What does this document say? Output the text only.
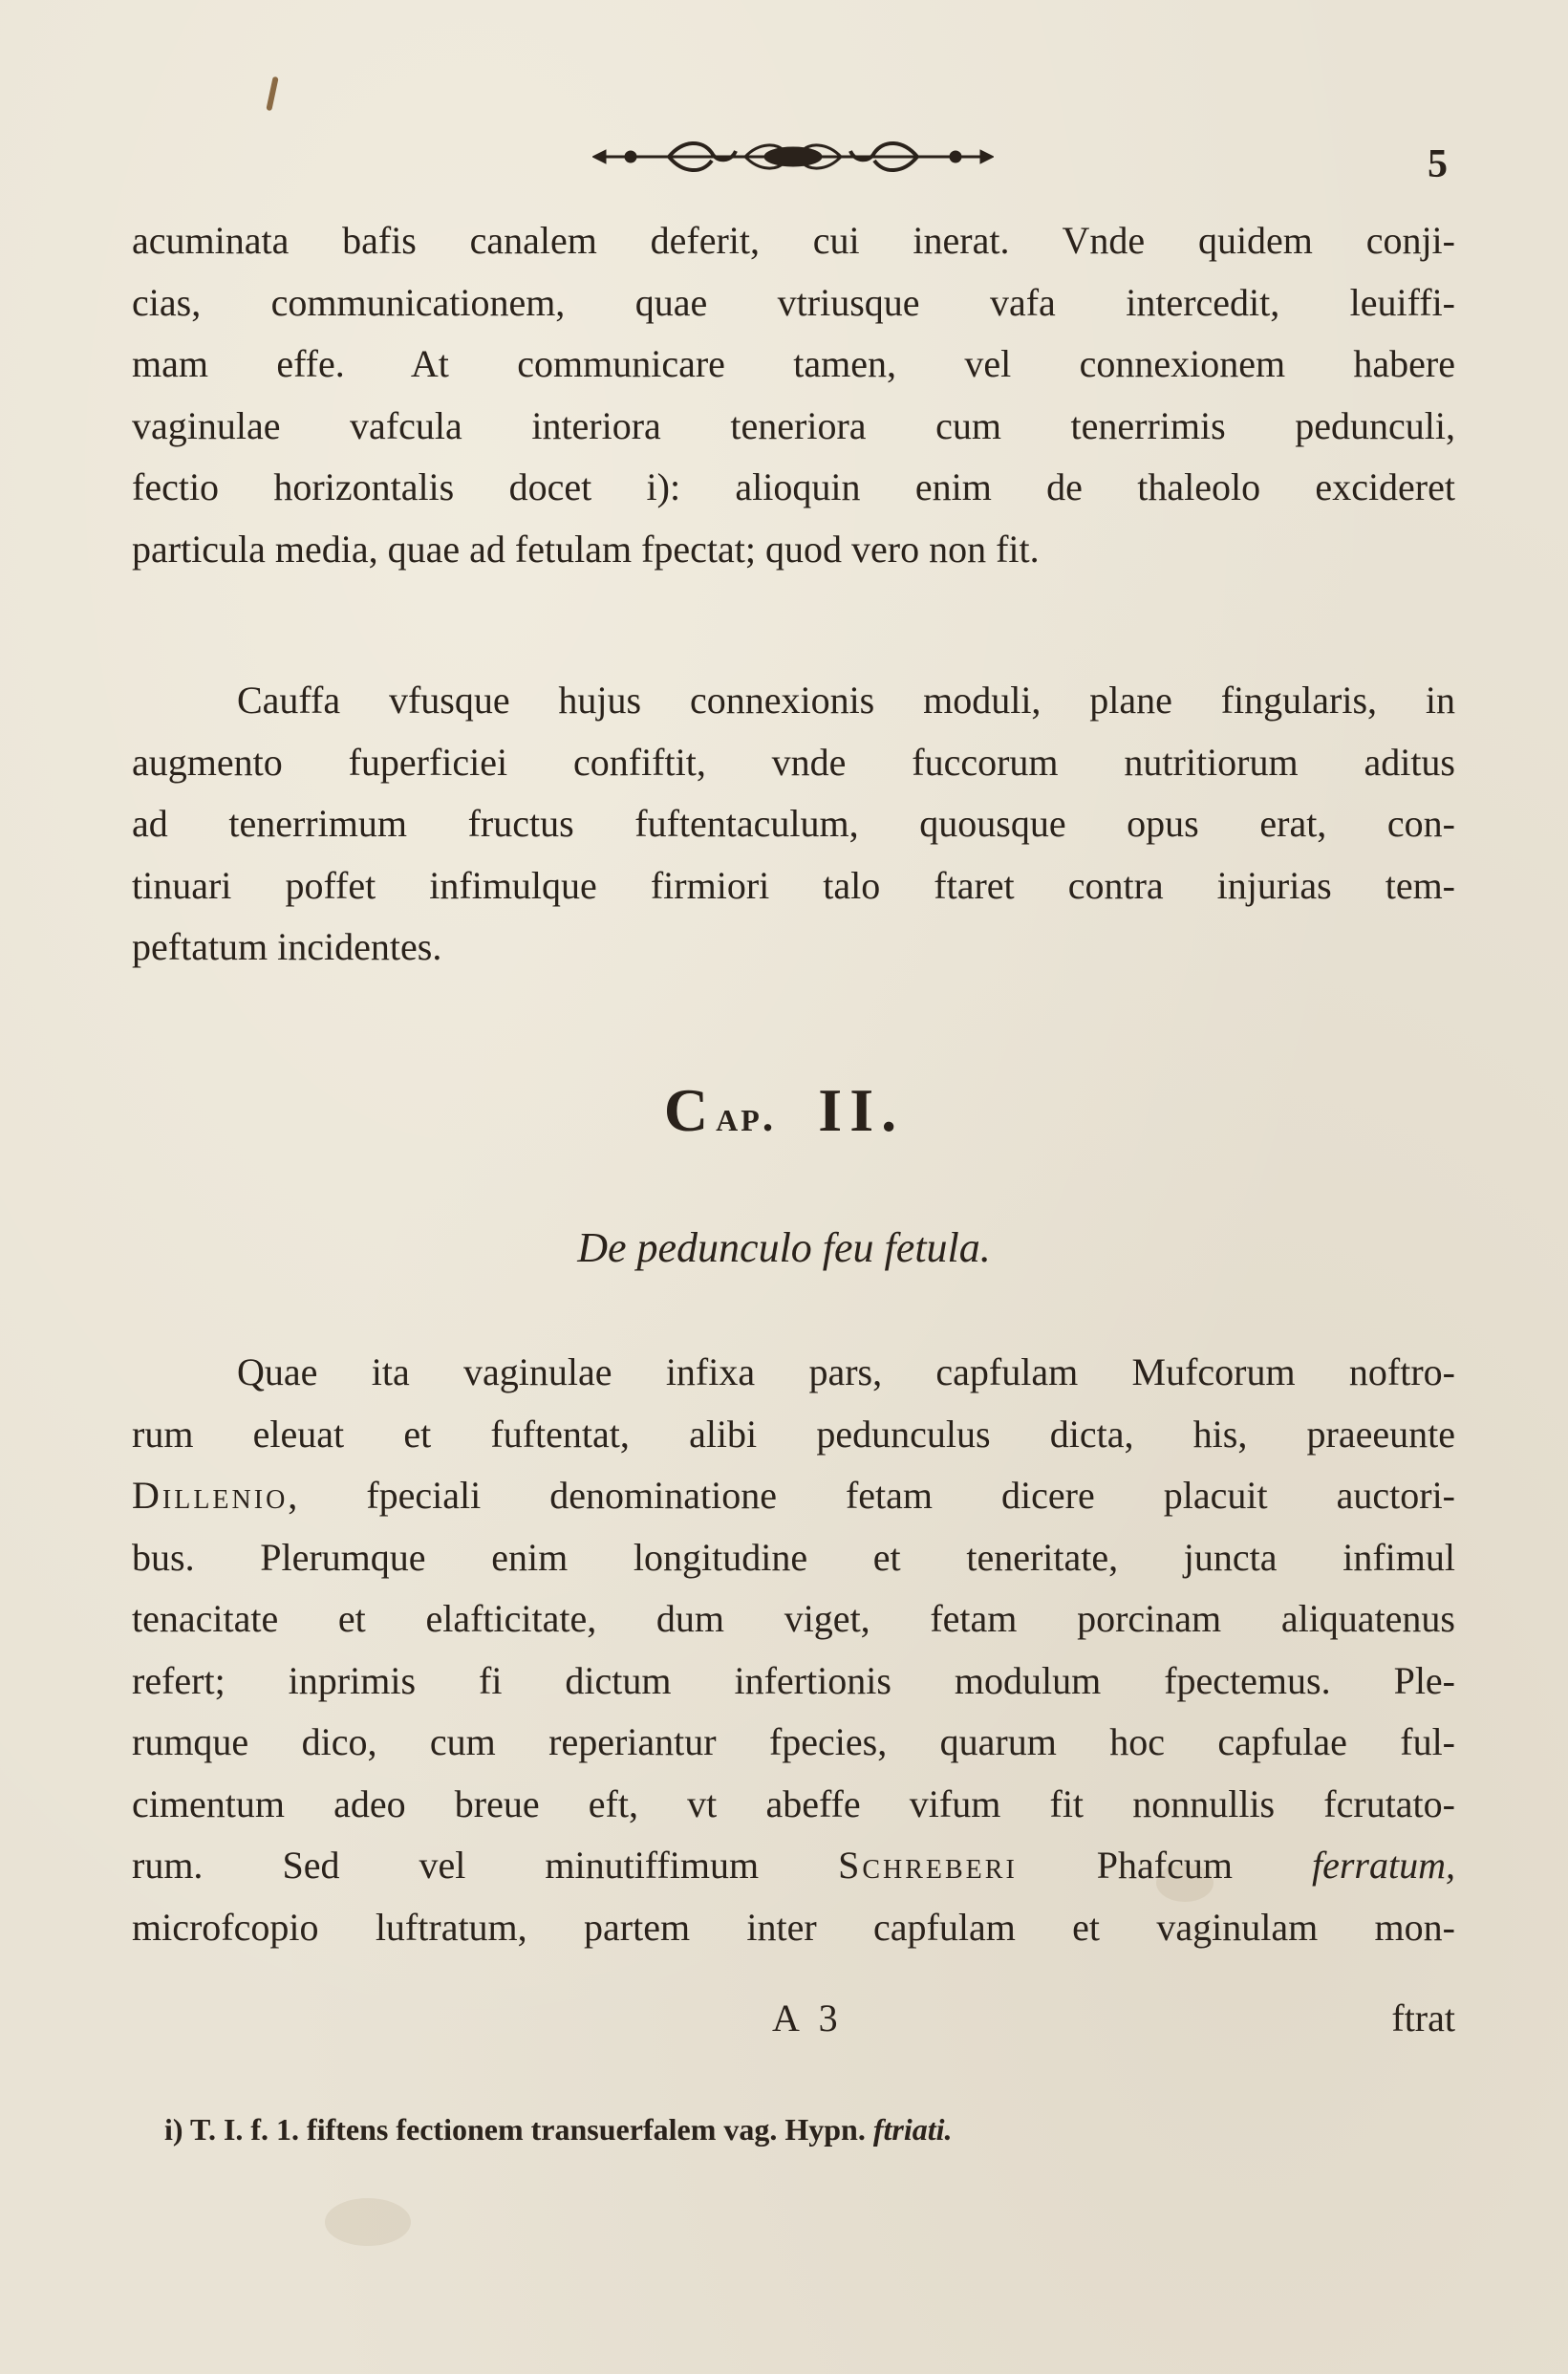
5
acuminata bafis canalem deferit, cui inerat. Vnde quidem conji-
cias, communicationem, quae vtriusque vafa intercedit, leuiffi-
mam effe. At communicare tamen, vel connexionem habere
vaginulae vafcula interiora teneriora cum tenerrimis pedunculi,
fectio horizontalis docet i): alioquin enim de thaleolo excideret
particula media, quae ad fetulam fpectat; quod vero non fit.
Cauffa vfusque hujus connexionis moduli, plane fingularis, in
augmento fuperficiei confiftit, vnde fuccorum nutritiorum aditus
ad tenerrimum fructus fuftentaculum, quousque opus erat, con-
tinuari poffet infimulque firmiori talo ftaret contra injurias tem-
peftatum incidentes.
Cap. II.
De pedunculo feu fetula.
Quae ita vaginulae infixa pars, capfulam Mufcorum noftro-
rum eleuat et fuftentat, alibi pedunculus dicta, his, praeeunte
Dillenio, fpeciali denominatione fetam dicere placuit auctori-
bus. Plerumque enim longitudine et teneritate, juncta infimul
tenacitate et elafticitate, dum viget, fetam porcinam aliquatenus
refert; inprimis fi dictum infertionis modulum fpectemus. Ple-
rumque dico, cum reperiantur fpecies, quarum hoc capfulae ful-
cimentum adeo breue eft, vt abeffe vifum fit nonnullis fcrutato-
rum. Sed vel minutiffimum Schreberi Phafcum ferratum,
microfcopio luftratum, partem inter capfulam et vaginulam mon-
A 3	ftrat
i) T. I. f. 1. fiftens fectionem transuerfalem vag. Hypn. ftriati.
